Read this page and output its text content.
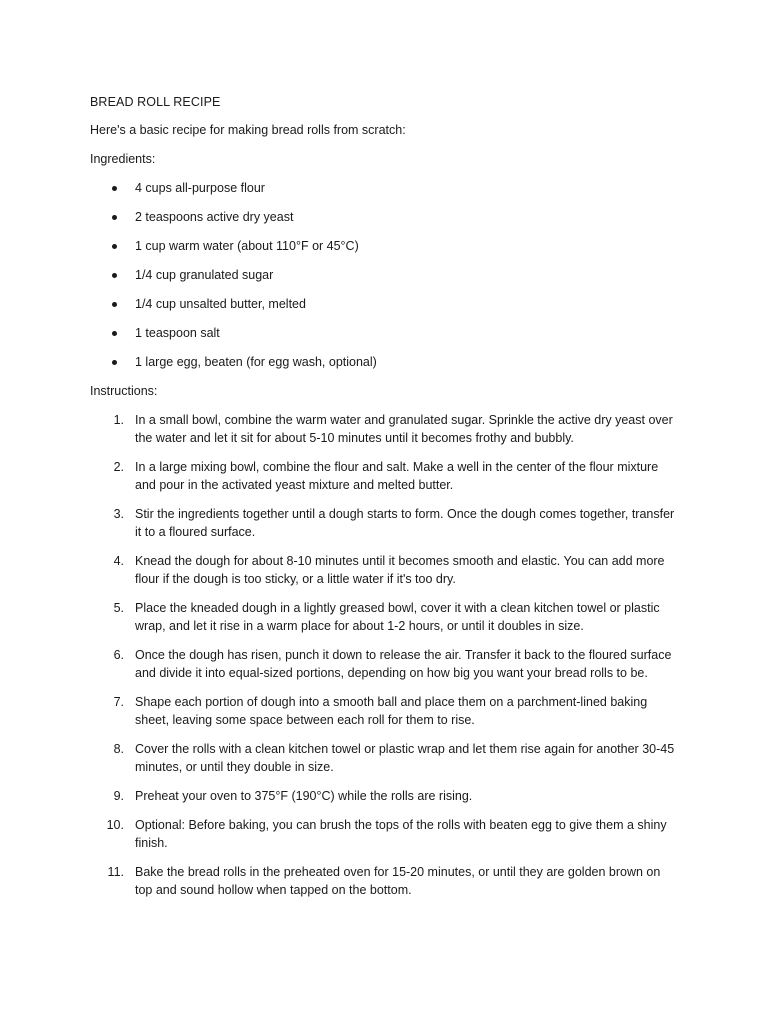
BREAD ROLL RECIPE

Here's a basic recipe for making bread rolls from scratch:

Ingredients:

4 cups all-purpose flour
2 teaspoons active dry yeast
1 cup warm water (about 110°F or 45°C)
1/4 cup granulated sugar
1/4 cup unsalted butter, melted
1 teaspoon salt
1 large egg, beaten (for egg wash, optional)

Instructions:

1. In a small bowl, combine the warm water and granulated sugar. Sprinkle the active dry yeast over the water and let it sit for about 5-10 minutes until it becomes frothy and bubbly.
2. In a large mixing bowl, combine the flour and salt. Make a well in the center of the flour mixture and pour in the activated yeast mixture and melted butter.
3. Stir the ingredients together until a dough starts to form. Once the dough comes together, transfer it to a floured surface.
4. Knead the dough for about 8-10 minutes until it becomes smooth and elastic. You can add more flour if the dough is too sticky, or a little water if it's too dry.
5. Place the kneaded dough in a lightly greased bowl, cover it with a clean kitchen towel or plastic wrap, and let it rise in a warm place for about 1-2 hours, or until it doubles in size.
6. Once the dough has risen, punch it down to release the air. Transfer it back to the floured surface and divide it into equal-sized portions, depending on how big you want your bread rolls to be.
7. Shape each portion of dough into a smooth ball and place them on a parchment-lined baking sheet, leaving some space between each roll for them to rise.
8. Cover the rolls with a clean kitchen towel or plastic wrap and let them rise again for another 30-45 minutes, or until they double in size.
9. Preheat your oven to 375°F (190°C) while the rolls are rising.
10. Optional: Before baking, you can brush the tops of the rolls with beaten egg to give them a shiny finish.
11. Bake the bread rolls in the preheated oven for 15-20 minutes, or until they are golden brown on top and sound hollow when tapped on the bottom.
